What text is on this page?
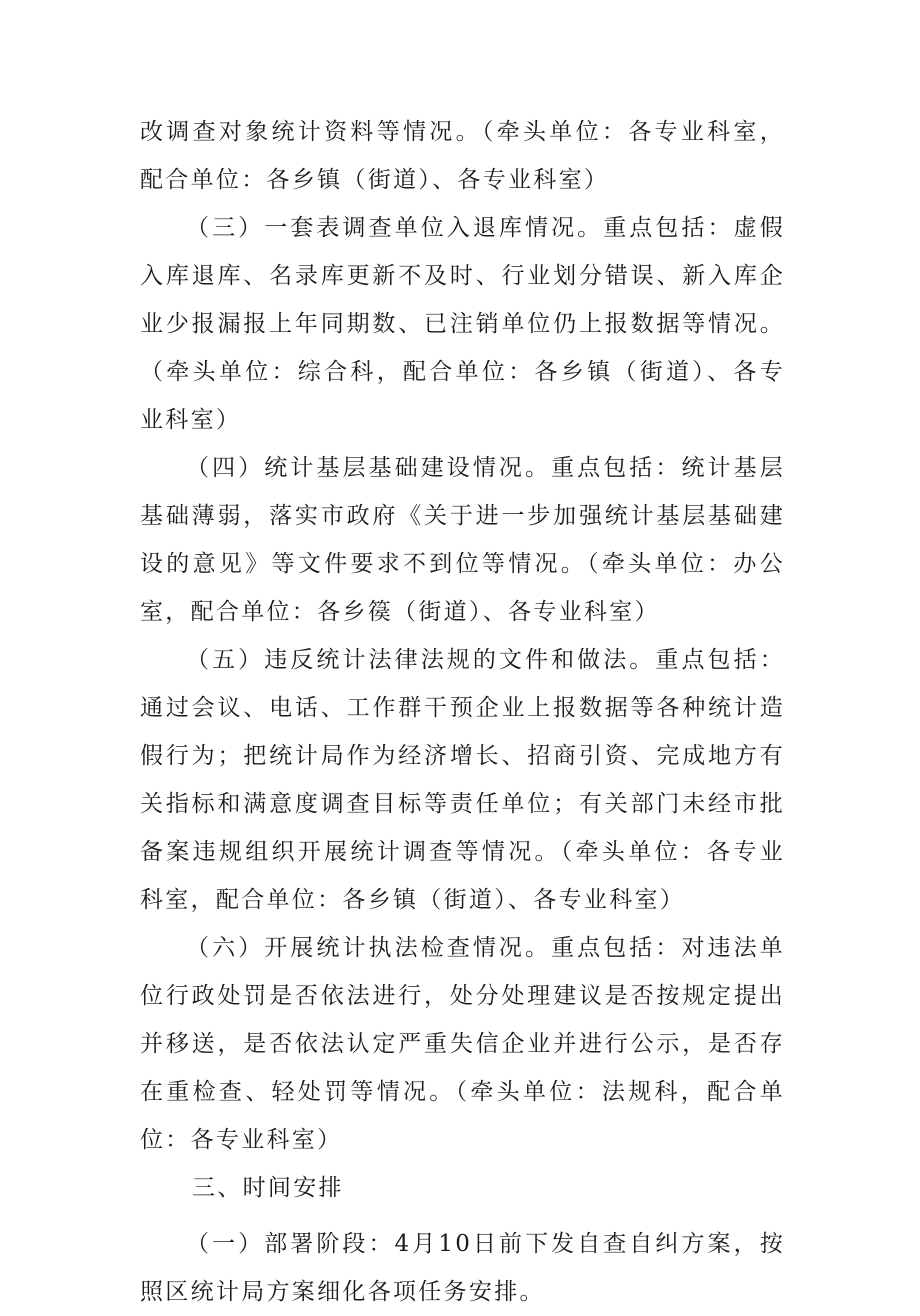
改调查对象统计资料等情况。（牵头单位：各专业科室，配合单位：各乡镇（街道）、各专业科室）

（三）一套表调查单位入退库情况。重点包括：虚假入库退库、名录库更新不及时、行业划分错误、新入库企业少报漏报上年同期数、已注销单位仍上报数据等情况。（牵头单位：综合科，配合单位：各乡镇（街道）、各专业科室）

（四）统计基层基础建设情况。重点包括：统计基层基础薄弱，落实市政府《关于进一步加强统计基层基础建设的意见》等文件要求不到位等情况。（牵头单位：办公室，配合单位：各乡篌（街道）、各专业科室）

（五）违反统计法律法规的文件和做法。重点包括：通过会议、电话、工作群干预企业上报数据等各种统计造假行为；把统计局作为经济增长、招商引资、完成地方有关指标和满意度调查目标等责任单位；有关部门未经市批备案违规组织开展统计调查等情况。（牵头单位：各专业科室，配合单位：各乡镇（街道）、各专业科室）

（六）开展统计执法检查情况。重点包括：对违法单位行政处罚是否依法进行，处分处理建议是否按规定提出并移送，是否依法认定严重失信企业并进行公示，是否存在重检查、轻处罚等情况。（牵头单位：法规科，配合单位：各专业科室）

三、时间安排

（一）部署阶段：4月10日前下发自查自纠方案，按照区统计局方案细化各项任务安排。
